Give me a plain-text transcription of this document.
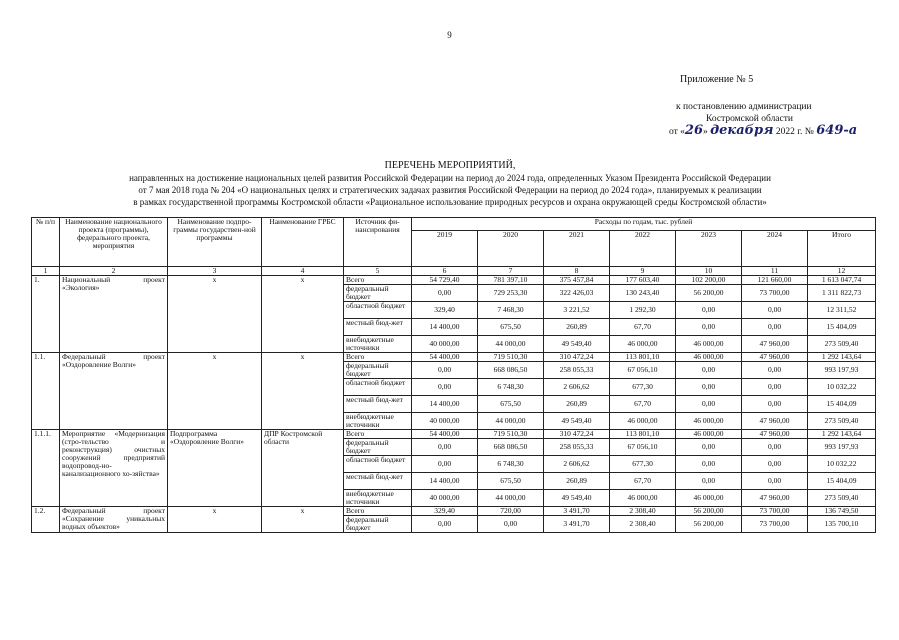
9
Приложение № 5
к постановлению администрации
Костромской области
от «26» декабря 2022 г. № 649-а
ПЕРЕЧЕНЬ МЕРОПРИЯТИЙ,
направленных на достижение национальных целей развития Российской Федерации на период до 2024 года, определенных Указом Президента Российской Федерации
от 7 мая 2018 года № 204 «О национальных целях и стратегических задачах развития Российской Федерации на период до 2024 года», планируемых к реализации
в рамках государственной программы Костромской области «Рациональное использование природных ресурсов и охрана окружающей среды Костромской области»
№ п/п	Наименование национального проекта (программы), федерального проекта, мероприятия	Наименование подпро-граммы государствен-ной программы	Наименование ГРБС	Источник фи-нансирования	Расходы по годам, тыс. рублей						
					2019	2020	2021	2022	2023	2024	Итого
1	2	3	4	5	6	7	8	9	10	11	12
1.	Национальный проект «Экология»	х	х	Всего	54 729,40	781 397,10	375 457,84	177 603,40	102 200,00	121 660,00	1 613 047,74
				федеральный бюджет	0,00	729 253,30	322 426,03	130 243,40	56 200,00	73 700,00	1 311 822,73
				областной бюджет	329,40	7 468,30	3 221,52	1 292,30	0,00	0,00	12 311,52
				местный бюд-жет	14 400,00	675,50	260,89	67,70	0,00	0,00	15 404,09
				внебюджетные источники	40 000,00	44 000,00	49 549,40	46 000,00	46 000,00	47 960,00	273 509,40
1.1.	Федеральный проект «Оздоровление Волги»	х	х	Всего	54 400,00	719 510,30	310 472,24	113 801,10	46 000,00	47 960,00	1 292 143,64
				федеральный бюджет	0,00	668 086,50	258 055,33	67 056,10	0,00	0,00	993 197,93
				областной бюджет	0,00	6 748,30	2 606,62	677,30	0,00	0,00	10 032,22
				местный бюд-жет	14 400,00	675,50	260,89	67,70	0,00	0,00	15 404,09
				внебюджетные источники	40 000,00	44 000,00	49 549,40	46 000,00	46 000,00	47 960,00	273 509,40
1.1.1.	Мероприятие «Модернизация (стро-тельство и реконструкция) очистных сооружений предприятий водопровод-но-канализационного хо-зяйства»	Подпрограмма «Оздоровление Волги»	ДПР Костромской области	Всего	54 400,00	719 510,30	310 472,24	113 801,10	46 000,00	47 960,00	1 292 143,64
				федеральный бюджет	0,00	668 086,50	258 055,33	67 056,10	0,00	0,00	993 197,93
				областной бюджет	0,00	6 748,30	2 606,62	677,30	0,00	0,00	10 032,22
				местный бюд-жет	14 400,00	675,50	260,89	67,70	0,00	0,00	15 404,09
				внебюджетные источники	40 000,00	44 000,00	49 549,40	46 000,00	46 000,00	47 960,00	273 509,40
1.2.	Федеральный проект «Сохранение уникальных водных объектов»	х	х	Всего	329,40	720,00	3 491,70	2 308,40	56 200,00	73 700,00	136 749,50
				федеральный бюджет	0,00	0,00	3 491,70	2 308,40	56 200,00	73 700,00	135 700,10
